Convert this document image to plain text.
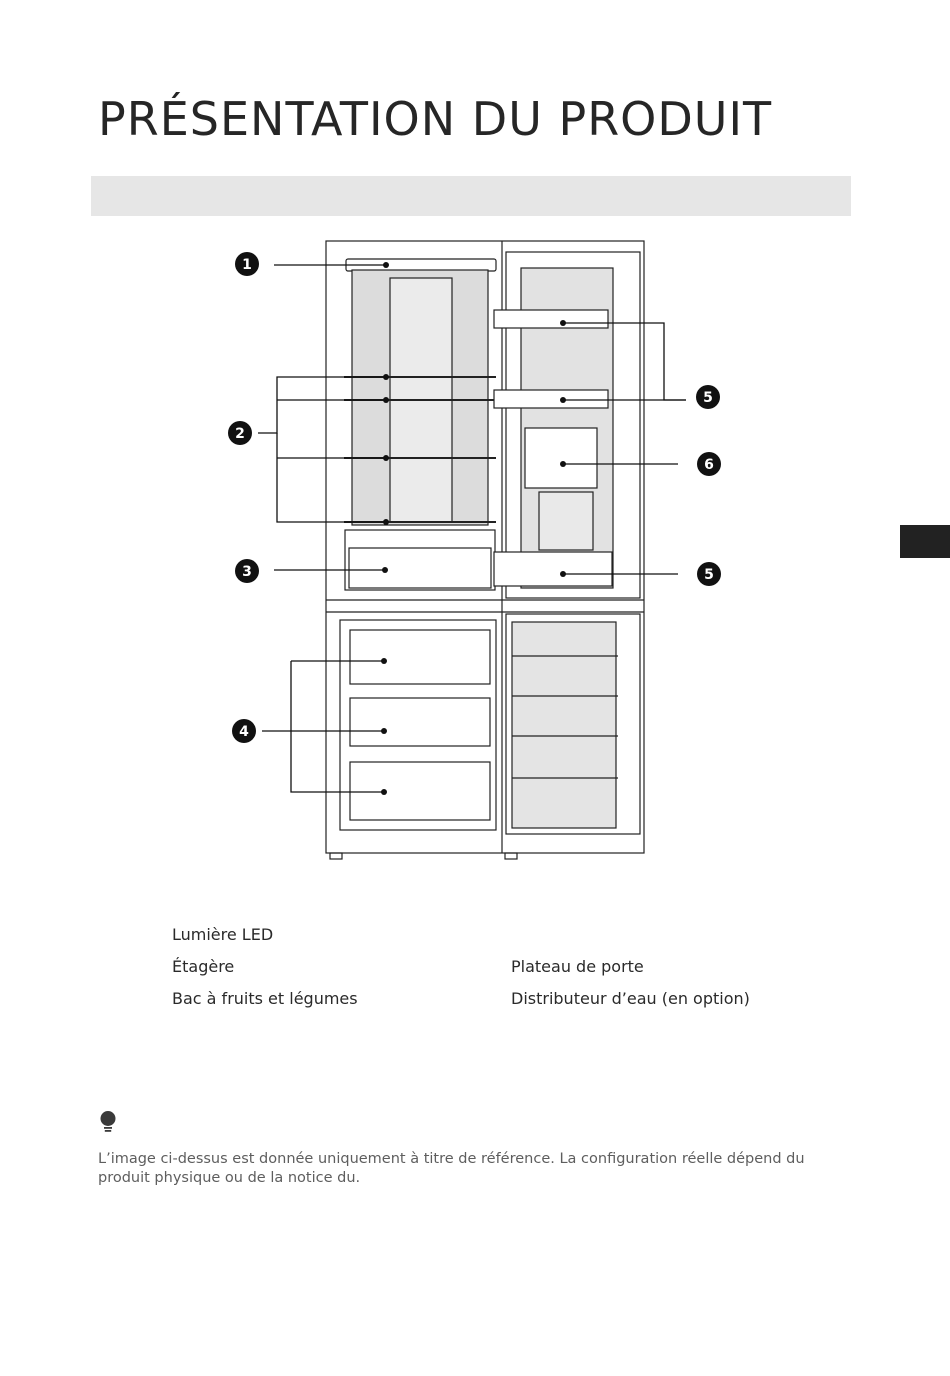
PRÉSENTATION DU PRODUIT
1
2
3
4
5
6
5
Lumière LED
Étagère
Bac à fruits et légumes
Plateau de porte
Distributeur d’eau (en option)

L’image ci-dessus est donnée uniquement à titre de référence. La configuration réelle dépend du produit physique ou de la notice du.
